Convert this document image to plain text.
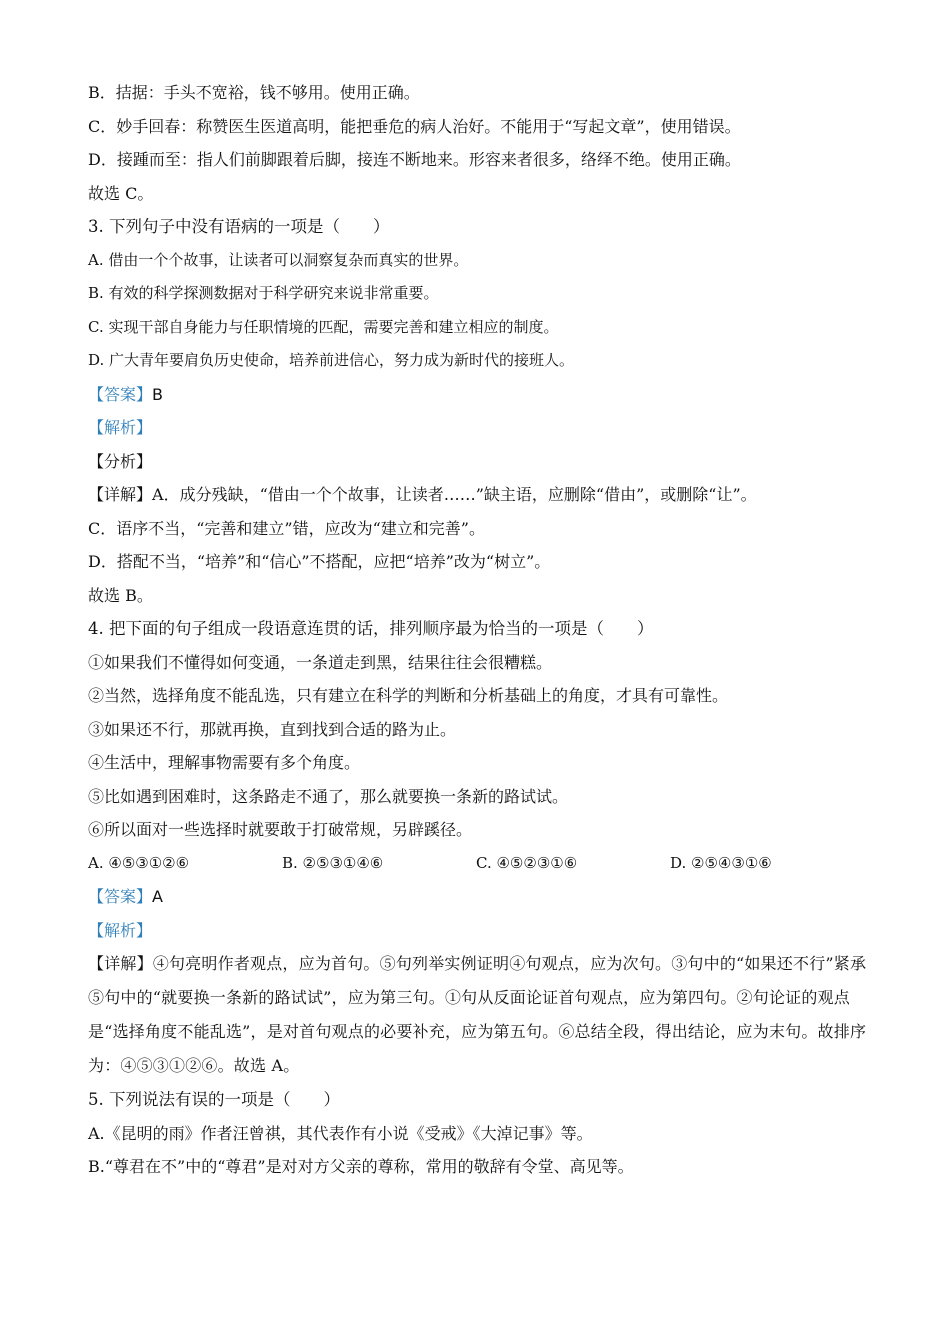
B．拮据：手头不宽裕，钱不够用。使用正确。
C．妙手回春：称赞医生医道高明，能把垂危的病人治好。不能用于“写起文章”，使用错误。
D．接踵而至：指人们前脚跟着后脚，接连不断地来。形容来者很多，络绎不绝。使用正确。
故选 C。
3. 下列句子中没有语病的一项是（　　）
A. 借由一个个故事，让读者可以洞察复杂而真实的世界。
B. 有效的科学探测数据对于科学研究来说非常重要。
C. 实现干部自身能力与任职情境的匹配，需要完善和建立相应的制度。
D. 广大青年要肩负历史使命，培养前进信心，努力成为新时代的接班人。
【答案】B
【解析】
【分析】
【详解】A．成分残缺，“借由一个个故事，让读者……”缺主语，应删除“借由”，或删除“让”。
C．语序不当，“完善和建立”错，应改为“建立和完善”。
D．搭配不当，“培养”和“信心”不搭配，应把“培养”改为“树立”。
故选 B。
4. 把下面的句子组成一段语意连贯的话，排列顺序最为恰当的一项是（　　）
①如果我们不懂得如何变通，一条道走到黑，结果往往会很糟糕。
②当然，选择角度不能乱选，只有建立在科学的判断和分析基础上的角度，才具有可靠性。
③如果还不行，那就再换，直到找到合适的路为止。
④生活中，理解事物需要有多个角度。
⑤比如遇到困难时，这条路走不通了，那么就要换一条新的路试试。
⑥所以面对一些选择时就要敢于打破常规，另辟蹊径。
A. ④⑤③①②⑥	B. ②⑤③①④⑥	C. ④⑤②③①⑥	D. ②⑤④③①⑥
【答案】A
【解析】
【详解】④句亮明作者观点，应为首句。⑤句列举实例证明④句观点，应为次句。③句中的“如果还不行”紧承⑤句中的“就要换一条新的路试试”，应为第三句。①句从反面论证首句观点，应为第四句。②句论证的观点是“选择角度不能乱选”，是对首句观点的必要补充，应为第五句。⑥总结全段，得出结论，应为末句。故排序为：④⑤③①②⑥。故选 A。
5. 下列说法有误的一项是（　　）
A.《昆明的雨》作者汪曾祺，其代表作有小说《受戒》《大淖记事》等。
B.“尊君在不”中的“尊君”是对对方父亲的尊称，常用的敬辞有令堂、高见等。
